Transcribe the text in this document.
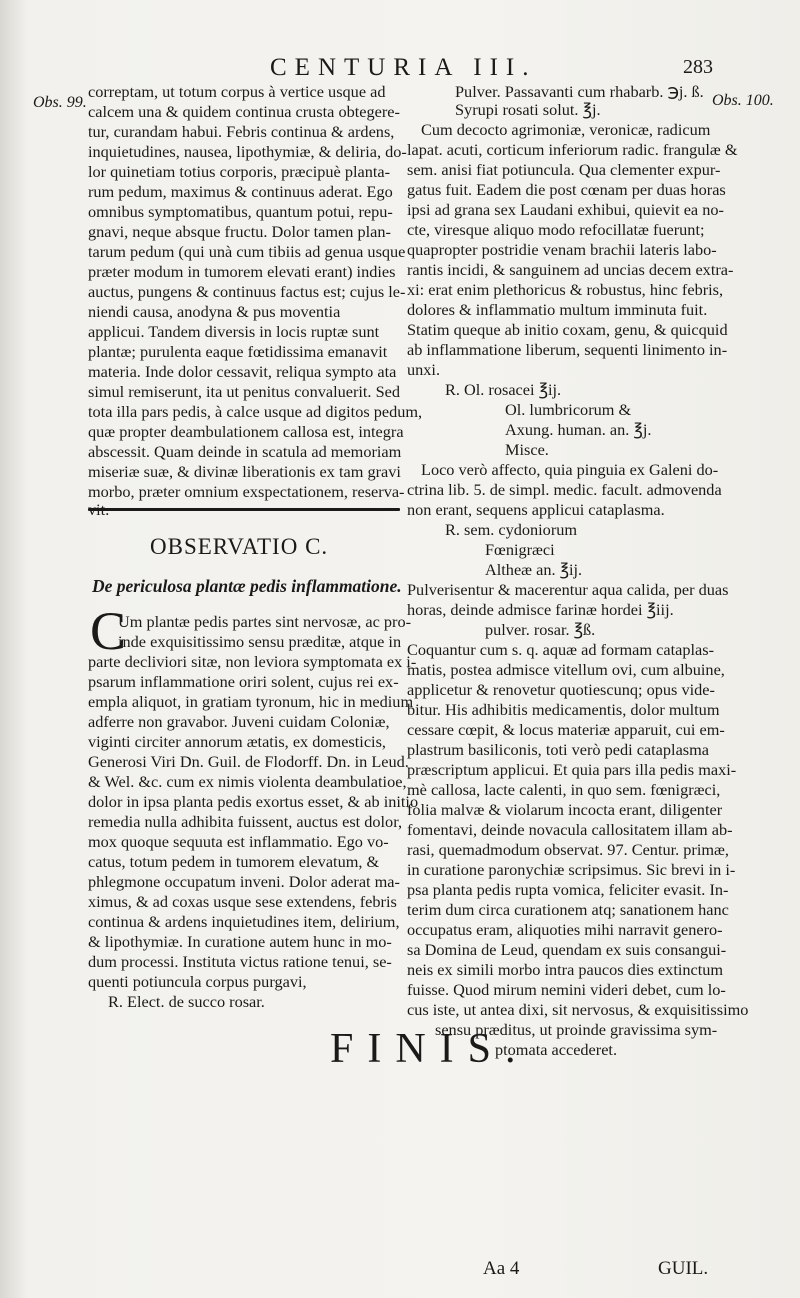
CENTURIA III.	283
Obs. 99.	Obs. 100.
correptam, ut totum corpus à vertice usque ad
calcem una & quidem continua crusta obtegere-
tur, curandam habui. Febris continua & ardens,
inquietudines, nausea, lipothymiæ, & deliria, do-
lor quinetiam totius corporis, præcipuè planta-
rum pedum, maximus & continuus aderat. Ego
omnibus symptomatibus, quantum potui, repu-
gnavi, neque absque fructu. Dolor tamen plan-
tarum pedum (qui unà cum tibiis ad genua usque
præter modum in tumorem elevati erant) indies
auctus, pungens & continuus factus est; cujus le-
niendi causa, anodyna & pus moventia
applicui. Tandem diversis in locis ruptæ sunt
plantæ; purulenta eaque fœtidissima emanavit
materia. Inde dolor cessavit, reliqua sympto ata
simul remiserunt, ita ut penitus convaluerit. Sed
tota illa pars pedis, à calce usque ad digitos pedum,
quæ propter deambulationem callosa est, integra
abscessit. Quam deinde in scatula ad memoriam
miseriæ suæ, & divinæ liberationis ex tam gravi
morbo, præter omnium exspectationem, reserva-
OBSERVATIO C.
De periculosa plantæ pedis inflammatione.
C
Um plantæ pedis partes sint nervosæ, ac pro-
inde exquisitissimo sensu præditæ, atque in
parte decliviori sitæ, non leviora symptomata ex i-
psarum inflammatione oriri solent, cujus rei ex-
empla aliquot, in gratiam tyronum, hic in medium
adferre non gravabor. Juveni cuidam Coloniæ,
viginti circiter annorum ætatis, ex domesticis,
Generosi Viri Dn. Guil. de Flodorff. Dn. in Leud.
& Wel. &c. cum ex nimis violenta deambulatioe,
dolor in ipsa planta pedis exortus esset, & ab initio
remedia nulla adhibita fuissent, auctus est dolor,
mox quoque sequuta est inflammatio. Ego vo-
catus, totum pedem in tumorem elevatum, &
phlegmone occupatum inveni. Dolor aderat ma-
ximus, & ad coxas usque sese extendens, febris
continua & ardens inquietudines item, delirium,
& lipothymiæ. In curatione autem hunc in mo-
dum processi. Instituta victus ratione tenui, se-
quenti potiuncula corpus purgavi,
R. Elect. de succo rosar.
Pulver. Passavanti cum rhabarb. ℈j. ß.
Syrupi rosati solut. ℥j.
Cum decocto agrimoniæ, veronicæ, radicum
lapat. acuti, corticum inferiorum radic. frangulæ &
sem. anisi fiat potiuncula. Qua clementer expur-
gatus fuit. Eadem die post cœnam per duas horas
ipsi ad grana sex Laudani exhibui, quievit ea no-
cte, viresque aliquo modo refocillatæ fuerunt;
quapropter postridie venam brachii lateris labo-
rantis incidi, & sanguinem ad uncias decem extra-
xi: erat enim plethoricus & robustus, hinc febris,
dolores & inflammatio multum imminuta fuit.
Statim queque ab initio coxam, genu, & quicquid
ab inflammatione liberum, sequenti linimento in-
unxi.
R. Ol. rosacei ℥ij.
Ol. lumbricorum &
Axung. human. an. ℥j.
Misce.
Loco verò affecto, quia pinguia ex Galeni do-
ctrina lib. 5. de simpl. medic. facult. admovenda
non erant, sequens applicui cataplasma.
R. sem. cydoniorum
Fœnigræci
Altheæ an. ℥ij.
Pulverisentur & macerentur aqua calida, per duas
horas, deinde admisce farinæ hordei ℥iij.
pulver. rosar. ℥ß.
Coquantur cum s. q. aquæ ad formam cataplas-
matis, postea admisce vitellum ovi, cum albuine,
applicetur & renovetur quotiescunq; opus vide-
bitur. His adhibitis medicamentis, dolor multum
cessare cœpit, & locus materiæ apparuit, cui em-
plastrum basiliconis, toti verò pedi cataplasma
præscriptum applicui. Et quia pars illa pedis maxi-
mè callosa, lacte calenti, in quo sem. fœnigræci,
folia malvæ & violarum incocta erant, diligenter
fomentavi, deinde novacula callositatem illam ab-
rasi, quemadmodum observat. 97. Centur. primæ,
in curatione paronychiæ scripsimus. Sic brevi in i-
psa planta pedis rupta vomica, feliciter evasit. In-
terim dum circa curationem atq; sanationem hanc
occupatus eram, aliquoties mihi narravit genero-
sa Domina de Leud, quendam ex suis consangui-
neis ex simili morbo intra paucos dies extinctum
fuisse. Quod mirum nemini videri debet, cum lo-
cus iste, ut antea dixi, sit nervosus, & exquisitissimo
sensu præditus, ut proinde gravissima sym-
ptomata accederet.
FINIS.
Aa 4	GUIL.
